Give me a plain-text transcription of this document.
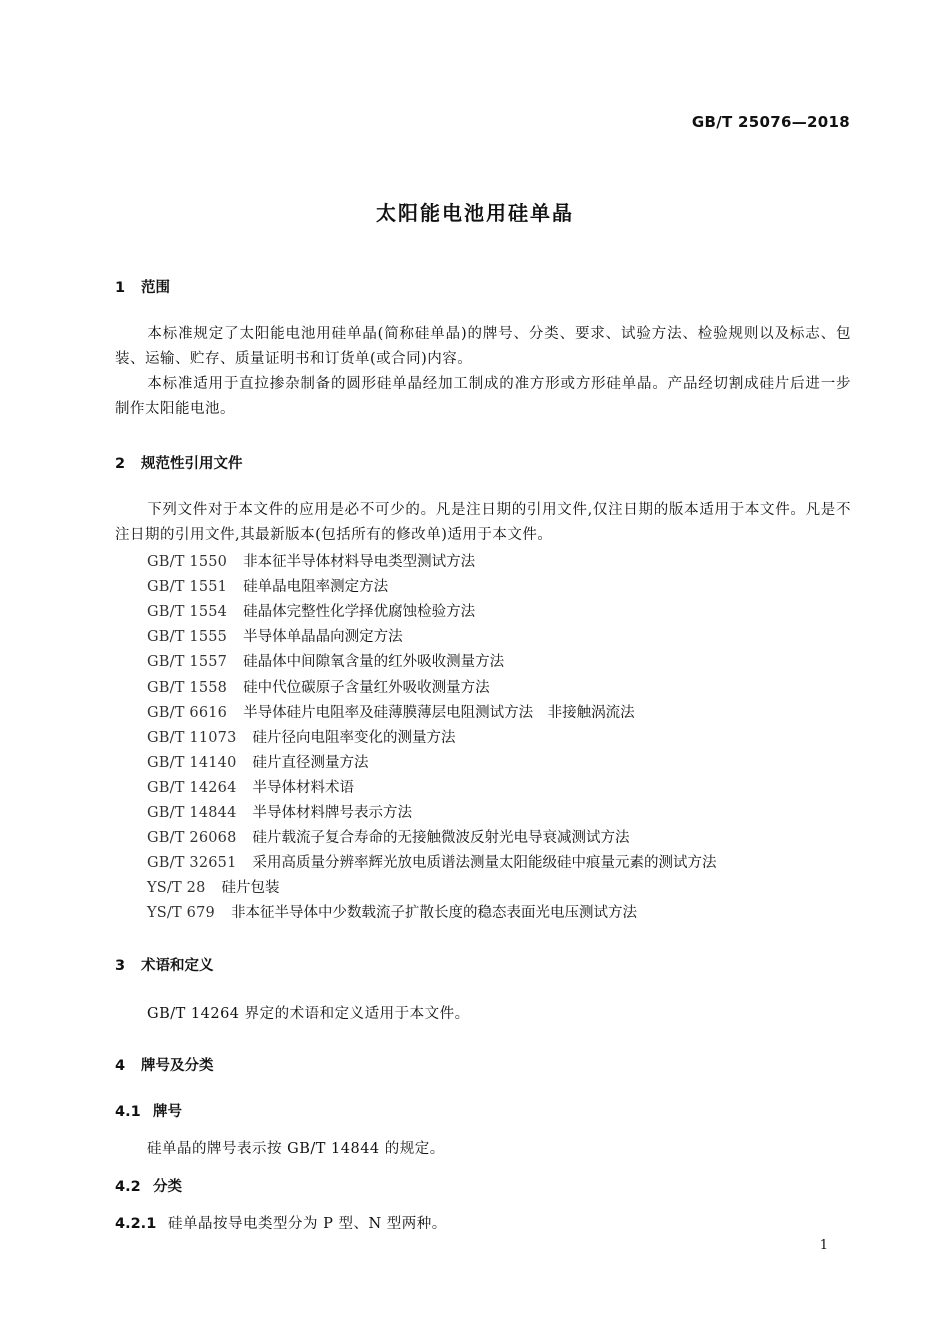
GB/T 25076—2018
太阳能电池用硅单晶
1 范围
本标准规定了太阳能电池用硅单晶(简称硅单晶)的牌号、分类、要求、试验方法、检验规则以及标志、包装、运输、贮存、质量证明书和订货单(或合同)内容。
本标准适用于直拉掺杂制备的圆形硅单晶经加工制成的准方形或方形硅单晶。产品经切割成硅片后进一步制作太阳能电池。
2 规范性引用文件
下列文件对于本文件的应用是必不可少的。凡是注日期的引用文件,仅注日期的版本适用于本文件。凡是不注日期的引用文件,其最新版本(包括所有的修改单)适用于本文件。
GB/T 1550 非本征半导体材料导电类型测试方法
GB/T 1551 硅单晶电阻率测定方法
GB/T 1554 硅晶体完整性化学择优腐蚀检验方法
GB/T 1555 半导体单晶晶向测定方法
GB/T 1557 硅晶体中间隙氧含量的红外吸收测量方法
GB/T 1558 硅中代位碳原子含量红外吸收测量方法
GB/T 6616 半导体硅片电阻率及硅薄膜薄层电阻测试方法　非接触涡流法
GB/T 11073 硅片径向电阻率变化的测量方法
GB/T 14140 硅片直径测量方法
GB/T 14264 半导体材料术语
GB/T 14844 半导体材料牌号表示方法
GB/T 26068 硅片载流子复合寿命的无接触微波反射光电导衰减测试方法
GB/T 32651 采用高质量分辨率辉光放电质谱法测量太阳能级硅中痕量元素的测试方法
YS/T 28 硅片包装
YS/T 679 非本征半导体中少数载流子扩散长度的稳态表面光电压测试方法
3 术语和定义
GB/T 14264 界定的术语和定义适用于本文件。
4 牌号及分类
4.1 牌号
硅单晶的牌号表示按 GB/T 14844 的规定。
4.2 分类
4.2.1 硅单晶按导电类型分为 P 型、N 型两种。
1
